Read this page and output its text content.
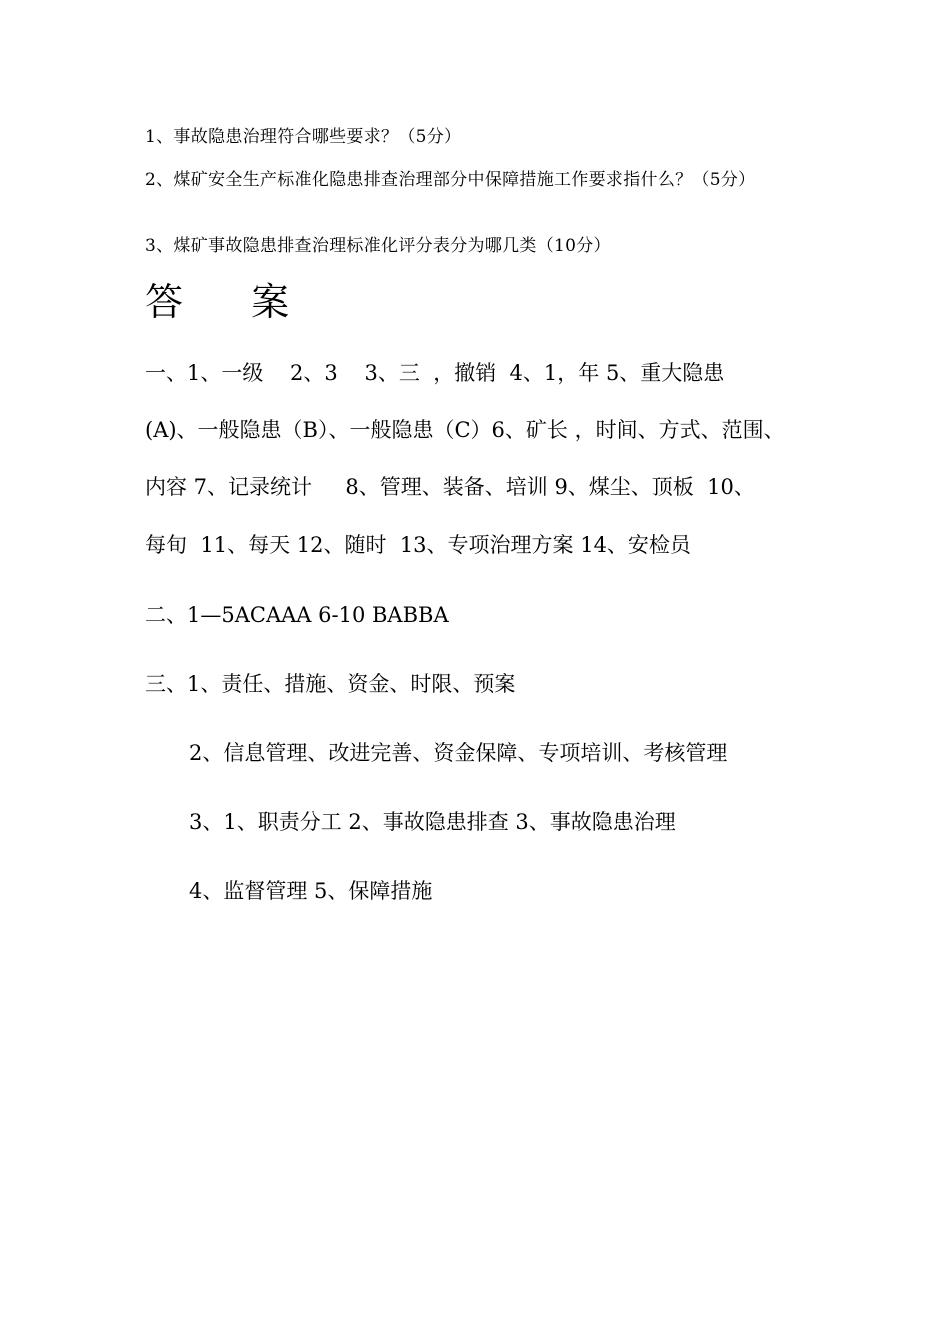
1、事故隐患治理符合哪些要求？（5分）
2、煤矿安全生产标准化隐患排查治理部分中保障措施工作要求指什么？（5分）
3、煤矿事故隐患排查治理标准化评分表分为哪几类（10分）
答 案
一、1、一级    2、3    3、三  ，撤销  4、1，年 5、重大隐患
(A)、一般隐患（B）、一般隐患（C）6、矿长 ，时间、方式、范围、
内容 7、记录统计     8、管理、装备、培训 9、煤尘、顶板  10、
每旬  11、每天 12、随时  13、专项治理方案 14、安检员
二、1—5ACAAA 6-10 BABBA
三、1、责任、措施、资金、时限、预案
2、信息管理、改进完善、资金保障、专项培训、考核管理
3、1、职责分工 2、事故隐患排查 3、事故隐患治理
4、监督管理 5、保障措施
